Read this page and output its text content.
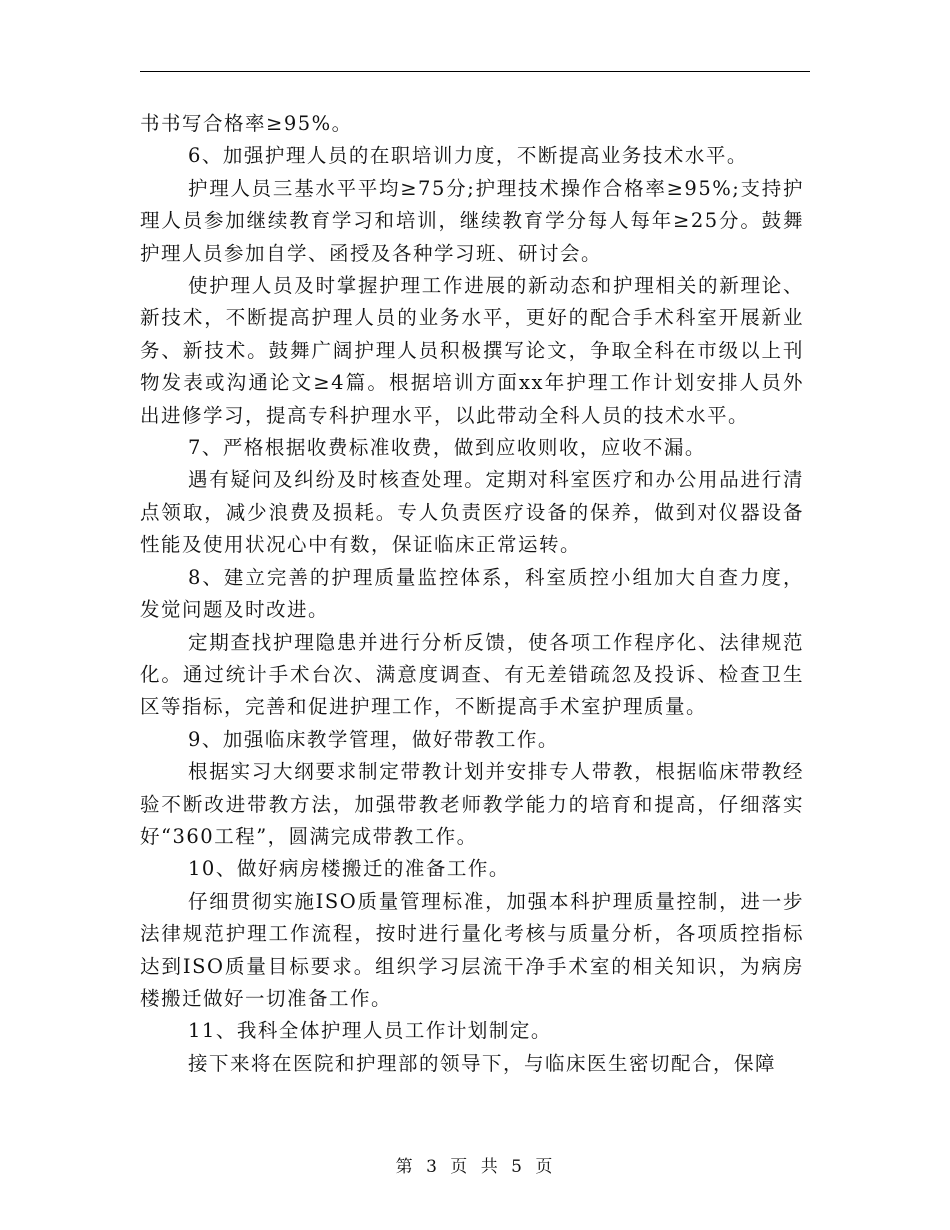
书书写合格率≥95%。

6、加强护理人员的在职培训力度，不断提高业务技术水平。

护理人员三基水平平均≥75分;护理技术操作合格率≥95%;支持护理人员参加继续教育学习和培训，继续教育学分每人每年≥25分。鼓舞护理人员参加自学、函授及各种学习班、研讨会。

使护理人员及时掌握护理工作进展的新动态和护理相关的新理论、新技术，不断提高护理人员的业务水平，更好的配合手术科室开展新业务、新技术。鼓舞广阔护理人员积极撰写论文，争取全科在市级以上刊物发表或沟通论文≥4篇。根据培训方面xx年护理工作计划安排人员外出进修学习，提高专科护理水平，以此带动全科人员的技术水平。

7、严格根据收费标准收费，做到应收则收，应收不漏。

遇有疑问及纠纷及时核查处理。定期对科室医疗和办公用品进行清点领取，减少浪费及损耗。专人负责医疗设备的保养，做到对仪器设备性能及使用状况心中有数，保证临床正常运转。

8、建立完善的护理质量监控体系，科室质控小组加大自查力度，发觉问题及时改进。

定期查找护理隐患并进行分析反馈，使各项工作程序化、法律规范化。通过统计手术台次、满意度调查、有无差错疏忽及投诉、检查卫生区等指标，完善和促进护理工作，不断提高手术室护理质量。

9、加强临床教学管理，做好带教工作。

根据实习大纲要求制定带教计划并安排专人带教，根据临床带教经验不断改进带教方法，加强带教老师教学能力的培育和提高，仔细落实好“360工程”，圆满完成带教工作。

10、做好病房楼搬迁的准备工作。

仔细贯彻实施ISO质量管理标准，加强本科护理质量控制，进一步法律规范护理工作流程，按时进行量化考核与质量分析，各项质控指标达到ISO质量目标要求。组织学习层流干净手术室的相关知识，为病房楼搬迁做好一切准备工作。

11、我科全体护理人员工作计划制定。

接下来将在医院和护理部的领导下，与临床医生密切配合，保障

第 3 页 共 5 页
